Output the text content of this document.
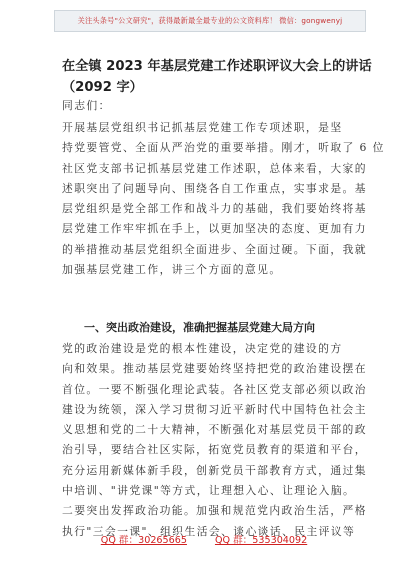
关注头条号"公文研究"，获得最新最全最专业的公文资料库！ 微信：gongwenyj
在全镇 2023 年基层党建工作述职评议大会上的讲话
（2092 字）
同志们：
开展基层党组织书记抓基层党建工作专项述职，是坚
持党要管党、全面从严治党的重要举措。刚才，听取了 6 位
社区党支部书记抓基层党建工作述职，总体来看，大家的
述职突出了问题导向、围绕各自工作重点，实事求是。基
层党组织是党全部工作和战斗力的基础，我们要始终将基
层党建工作牢牢抓在手上，以更加坚决的态度、更加有力
的举措推动基层党组织全面进步、全面过硬。下面，我就
加强基层党建工作，讲三个方面的意见。
一、突出政治建设，准确把握基层党建大局方向
党的政治建设是党的根本性建设，决定党的建设的方
向和效果。推动基层党建要始终坚持把党的政治建设摆在
首位。一要不断强化理论武装。各社区党支部必须以政治
建设为统领，深入学习贯彻习近平新时代中国特色社会主
义思想和党的二十大精神，不断强化对基层党员干部的政
治引导，要结合社区实际，拓宽党员教育的渠道和平台，
充分运用新媒体新手段，创新党员干部教育方式，通过集
中培训、"讲党课"等方式，让理想入心、让理论入脑。
二要突出发挥政治功能。加强和规范党内政治生活，严格
执行"三会一课"、组织生活会、谈心谈话、民主评议等
QQ 群：30265665	QQ 群：535304092
